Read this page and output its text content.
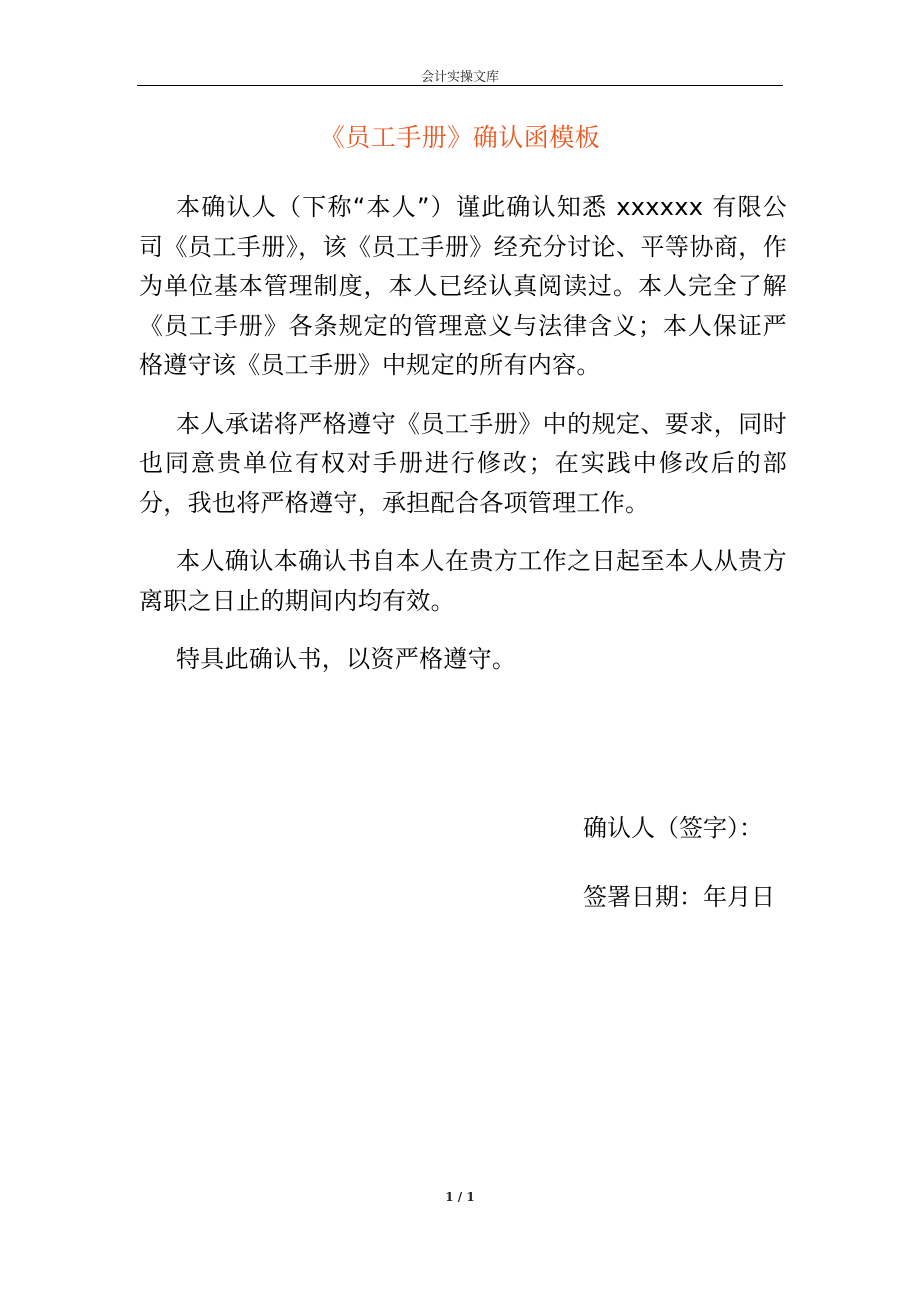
会计实操文库
《员工手册》确认函模板

本确认人（下称“本人”）谨此确认知悉 xxxxxx 有限公司《员工手册》，该《员工手册》经充分讨论、平等协商，作为单位基本管理制度，本人已经认真阅读过。本人完全了解《员工手册》各条规定的管理意义与法律含义；本人保证严格遵守该《员工手册》中规定的所有内容。

本人承诺将严格遵守《员工手册》中的规定、要求，同时也同意贵单位有权对手册进行修改；在实践中修改后的部分，我也将严格遵守，承担配合各项管理工作。

本人确认本确认书自本人在贵方工作之日起至本人从贵方离职之日止的期间内均有效。

特具此确认书，以资严格遵守。

确认人（签字）：
签署日期：年月日
1 / 1
